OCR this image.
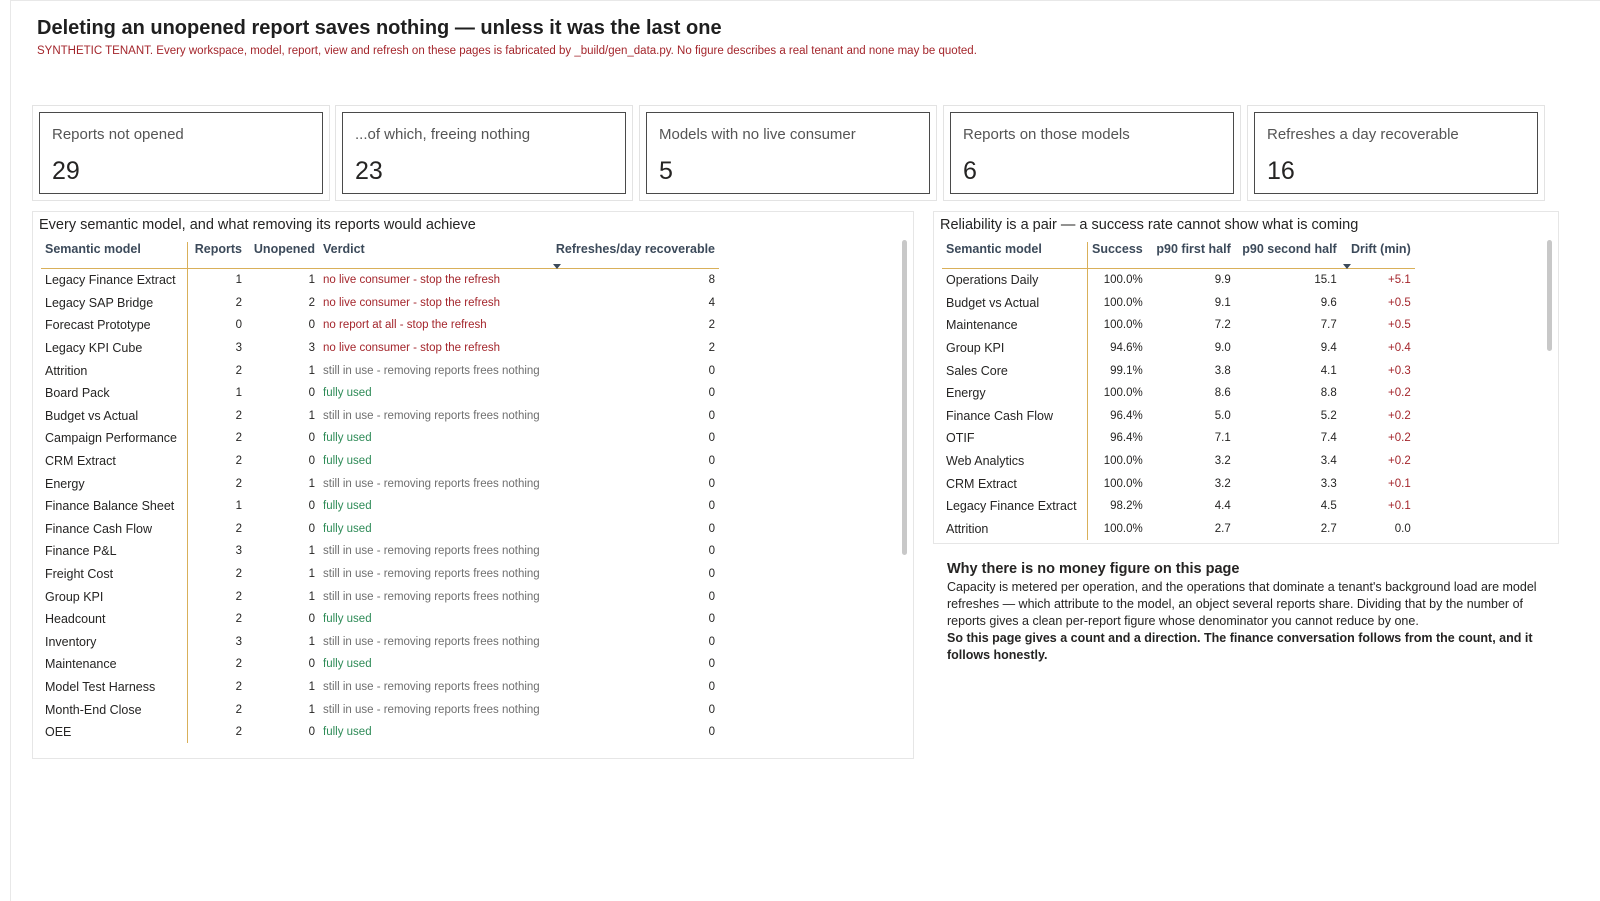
Deleting an unopened report saves nothing — unless it was the last one
SYNTHETIC TENANT. Every workspace, model, report, view and refresh on these pages is fabricated by _build/gen_data.py. No figure describes a real tenant and none may be quoted.
Reports not opened
29
...of which, freeing nothing
23
Models with no live consumer
5
Reports on those models
6
Refreshes a day recoverable
16
Every semantic model, and what removing its reports would achieve
Semantic model	Reports	Unopened	Verdict	Refreshes/day recoverable

Legacy Finance Extract	1	1	no live consumer - stop the refresh	8
Legacy SAP Bridge	2	2	no live consumer - stop the refresh	4
Forecast Prototype	0	0	no report at all - stop the refresh	2
Legacy KPI Cube	3	3	no live consumer - stop the refresh	2
Attrition	2	1	still in use - removing reports frees nothing	0
Board Pack	1	0	fully used	0
Budget vs Actual	2	1	still in use - removing reports frees nothing	0
Campaign Performance	2	0	fully used	0
CRM Extract	2	0	fully used	0
Energy	2	1	still in use - removing reports frees nothing	0
Finance Balance Sheet	1	0	fully used	0
Finance Cash Flow	2	0	fully used	0
Finance P&L	3	1	still in use - removing reports frees nothing	0
Freight Cost	2	1	still in use - removing reports frees nothing	0
Group KPI	2	1	still in use - removing reports frees nothing	0
Headcount	2	0	fully used	0
Inventory	3	1	still in use - removing reports frees nothing	0
Maintenance	2	0	fully used	0
Model Test Harness	2	1	still in use - removing reports frees nothing	0
Month-End Close	2	1	still in use - removing reports frees nothing	0
OEE	2	0	fully used	0
Reliability is a pair — a success rate cannot show what is coming
Semantic model	Success	p90 first half	p90 second half	Drift (min)

Operations Daily	100.0%	9.9	15.1	+5.1
Budget vs Actual	100.0%	9.1	9.6	+0.5
Maintenance	100.0%	7.2	7.7	+0.5
Group KPI	94.6%	9.0	9.4	+0.4
Sales Core	99.1%	3.8	4.1	+0.3
Energy	100.0%	8.6	8.8	+0.2
Finance Cash Flow	96.4%	5.0	5.2	+0.2
OTIF	96.4%	7.1	7.4	+0.2
Web Analytics	100.0%	3.2	3.4	+0.2
CRM Extract	100.0%	3.2	3.3	+0.1
Legacy Finance Extract	98.2%	4.4	4.5	+0.1
Attrition	100.0%	2.7	2.7	0.0
Why there is no money figure on this page
Capacity is metered per operation, and the operations that dominate a tenant's background load are model refreshes — which attribute to the model, an object several reports share. Dividing that by the number of reports gives a clean per-report figure whose denominator you cannot reduce by one.
So this page gives a count and a direction. The finance conversation follows from the count, and it follows honestly.
